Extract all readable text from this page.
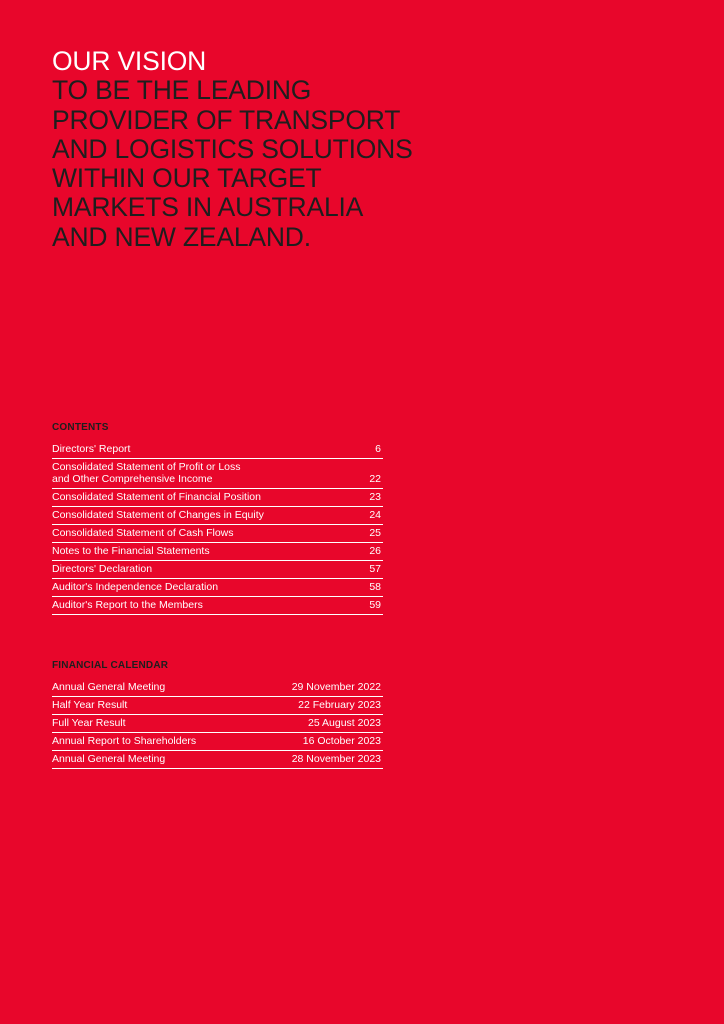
OUR VISION
TO BE THE LEADING
PROVIDER OF TRANSPORT
AND LOGISTICS SOLUTIONS
WITHIN OUR TARGET
MARKETS IN AUSTRALIA
AND NEW ZEALAND.
CONTENTS
Directors' Report	6
Consolidated Statement of Profit or Loss
and Other Comprehensive Income	22
Consolidated Statement of Financial Position	23
Consolidated Statement of Changes in Equity	24
Consolidated Statement of Cash Flows	25
Notes to the Financial Statements	26
Directors' Declaration	57
Auditor's Independence Declaration	58
Auditor's Report to the Members	59
FINANCIAL CALENDAR
Annual General Meeting	29 November 2022
Half Year Result	22 February 2023
Full Year Result	25 August 2023
Annual Report to Shareholders	16 October 2023
Annual General Meeting	28 November 2023
